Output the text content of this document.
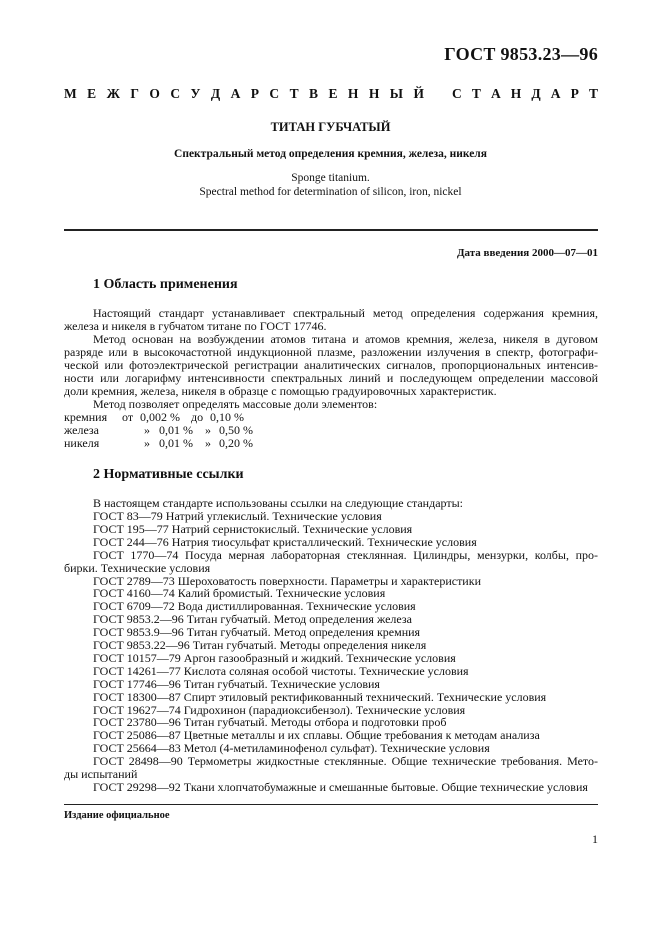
ГОСТ 9853.23—96
М Е Ж Г О С У Д А Р С Т В Е Н Н Ы Й С Т А Н Д А Р Т
ТИТАН ГУБЧАТЫЙ
Спектральный метод определения кремния, железа, никеля
Sponge titanium.
Spectral method for determination of silicon, iron, nickel
Дата введения 2000—07—01
1 Область применения
Настоящий стандарт устанавливает спектральный метод определения содержания кремния,
железа и никеля в губчатом титане по ГОСТ 17746.
Метод основан на возбуждении атомов титана и атомов кремния, железа, никеля в дуговом
разряде или в высокочастотной индукционной плазме, разложении излучения в спектр, фотографи-
ческой или фотоэлектрической регистрации аналитических сигналов, пропорциональных интенсив-
ности или логарифму интенсивности спектральных линий и последующем определении массовой
доли кремния, железа, никеля в образце с помощью градуировочных характеристик.
Метод позволяет определять массовые доли элементов:
кремния от 0,002 % до 0,10 %
железа	» 0,01 % » 0,50 %
никеля	» 0,01 % » 0,20 %
2 Нормативные ссылки
В настоящем стандарте использованы ссылки на следующие стандарты:
ГОСТ 83—79 Натрий углекислый. Технические условия
ГОСТ 195—77 Натрий сернистокислый. Технические условия
ГОСТ 244—76 Натрия тиосульфат кристаллический. Технические условия
ГОСТ 1770—74 Посуда мерная лабораторная стеклянная. Цилиндры, мензурки, колбы, про-
бирки. Технические условия
ГОСТ 2789—73 Шероховатость поверхности. Параметры и характеристики
ГОСТ 4160—74 Калий бромистый. Технические условия
ГОСТ 6709—72 Вода дистиллированная. Технические условия
ГОСТ 9853.2—96 Титан губчатый. Метод определения железа
ГОСТ 9853.9—96 Титан губчатый. Метод определения кремния
ГОСТ 9853.22—96 Титан губчатый. Методы определения никеля
ГОСТ 10157—79 Аргон газообразный и жидкий. Технические условия
ГОСТ 14261—77 Кислота соляная особой чистоты. Технические условия
ГОСТ 17746—96 Титан губчатый. Технические условия
ГОСТ 18300—87 Спирт этиловый ректификованный технический. Технические условия
ГОСТ 19627—74 Гидрохинон (парадиоксибензол). Технические условия
ГОСТ 23780—96 Титан губчатый. Методы отбора и подготовки проб
ГОСТ 25086—87 Цветные металлы и их сплавы. Общие требования к методам анализа
ГОСТ 25664—83 Метол (4-метиламинофенол сульфат). Технические условия
ГОСТ 28498—90 Термометры жидкостные стеклянные. Общие технические требования. Мето-
ды испытаний
ГОСТ 29298—92 Ткани хлопчатобумажные и смешанные бытовые. Общие технические условия
Издание официальное
1
